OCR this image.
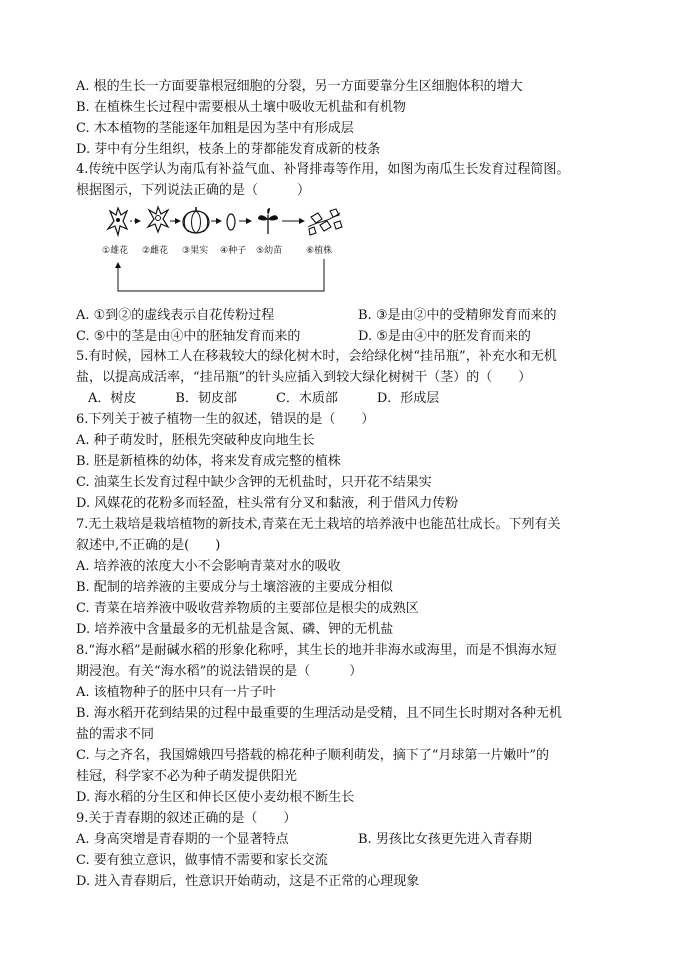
A. 根的生长一方面要靠根冠细胞的分裂，另一方面要靠分生区细胞体积的增大
B. 在植株生长过程中需要根从土壤中吸收无机盐和有机物
C. 木本植物的茎能逐年加粗是因为茎中有形成层
D. 芽中有分生组织，枝条上的芽都能发育成新的枝条
4.传统中医学认为南瓜有补益气血、补肾排毒等作用，如图为南瓜生长发育过程简图。
根据图示，下列说法正确的是（　　　）
①雄花 ②雌花 ③果实 ④种子 ⑤幼苗	⑥植株
A. ①到②的虚线表示自花传粉过程	B. ③是由②中的受精卵发育而来的
C. ⑤中的茎是由④中的胚轴发育而来的	D. ⑤是由④中的胚发育而来的
5.有时候，园林工人在移栽较大的绿化树木时，会给绿化树“挂吊瓶”，补充水和无机
盐，以提高成活率，“挂吊瓶”的针头应插入到较大绿化树树干（茎）的（　　）
A．树皮　　　B．韧皮部　　　C．木质部　　　D．形成层
6.下列关于被子植物一生的叙述，错误的是（　　）
A. 种子萌发时，胚根先突破种皮向地生长
B. 胚是新植株的幼体，将来发育成完整的植株
C. 油菜生长发育过程中缺少含钾的无机盐时，只开花不结果实
D. 风媒花的花粉多而轻盈，柱头常有分叉和黏液，利于借风力传粉
7.无土栽培是栽培植物的新技术,青菜在无土栽培的培养液中也能茁壮成长。下列有关
叙述中,不正确的是(　　)
A. 培养液的浓度大小不会影响青菜对水的吸收
B. 配制的培养液的主要成分与土壤溶液的主要成分相似
C. 青菜在培养液中吸收营养物质的主要部位是根尖的成熟区
D. 培养液中含量最多的无机盐是含氮、磷、钾的无机盐
8.“海水稻”是耐碱水稻的形象化称呼，其生长的地并非海水或海里，而是不惧海水短
期浸泡。有关“海水稻”的说法错误的是（　　　）
A. 该植物种子的胚中只有一片子叶
B. 海水稻开花到结果的过程中最重要的生理活动是受精，且不同生长时期对各种无机
盐的需求不同
C. 与之齐名，我国嫦娥四号搭载的棉花种子顺利萌发，摘下了“月球第一片嫩叶”的
桂冠，科学家不必为种子萌发提供阳光
D. 海水稻的分生区和伸长区使小麦幼根不断生长
9.关于青春期的叙述正确的是（　　）
A. 身高突增是青春期的一个显著特点	B. 男孩比女孩更先进入青春期
C. 要有独立意识，做事情不需要和家长交流
D. 进入青春期后，性意识开始萌动，这是不正常的心理现象
